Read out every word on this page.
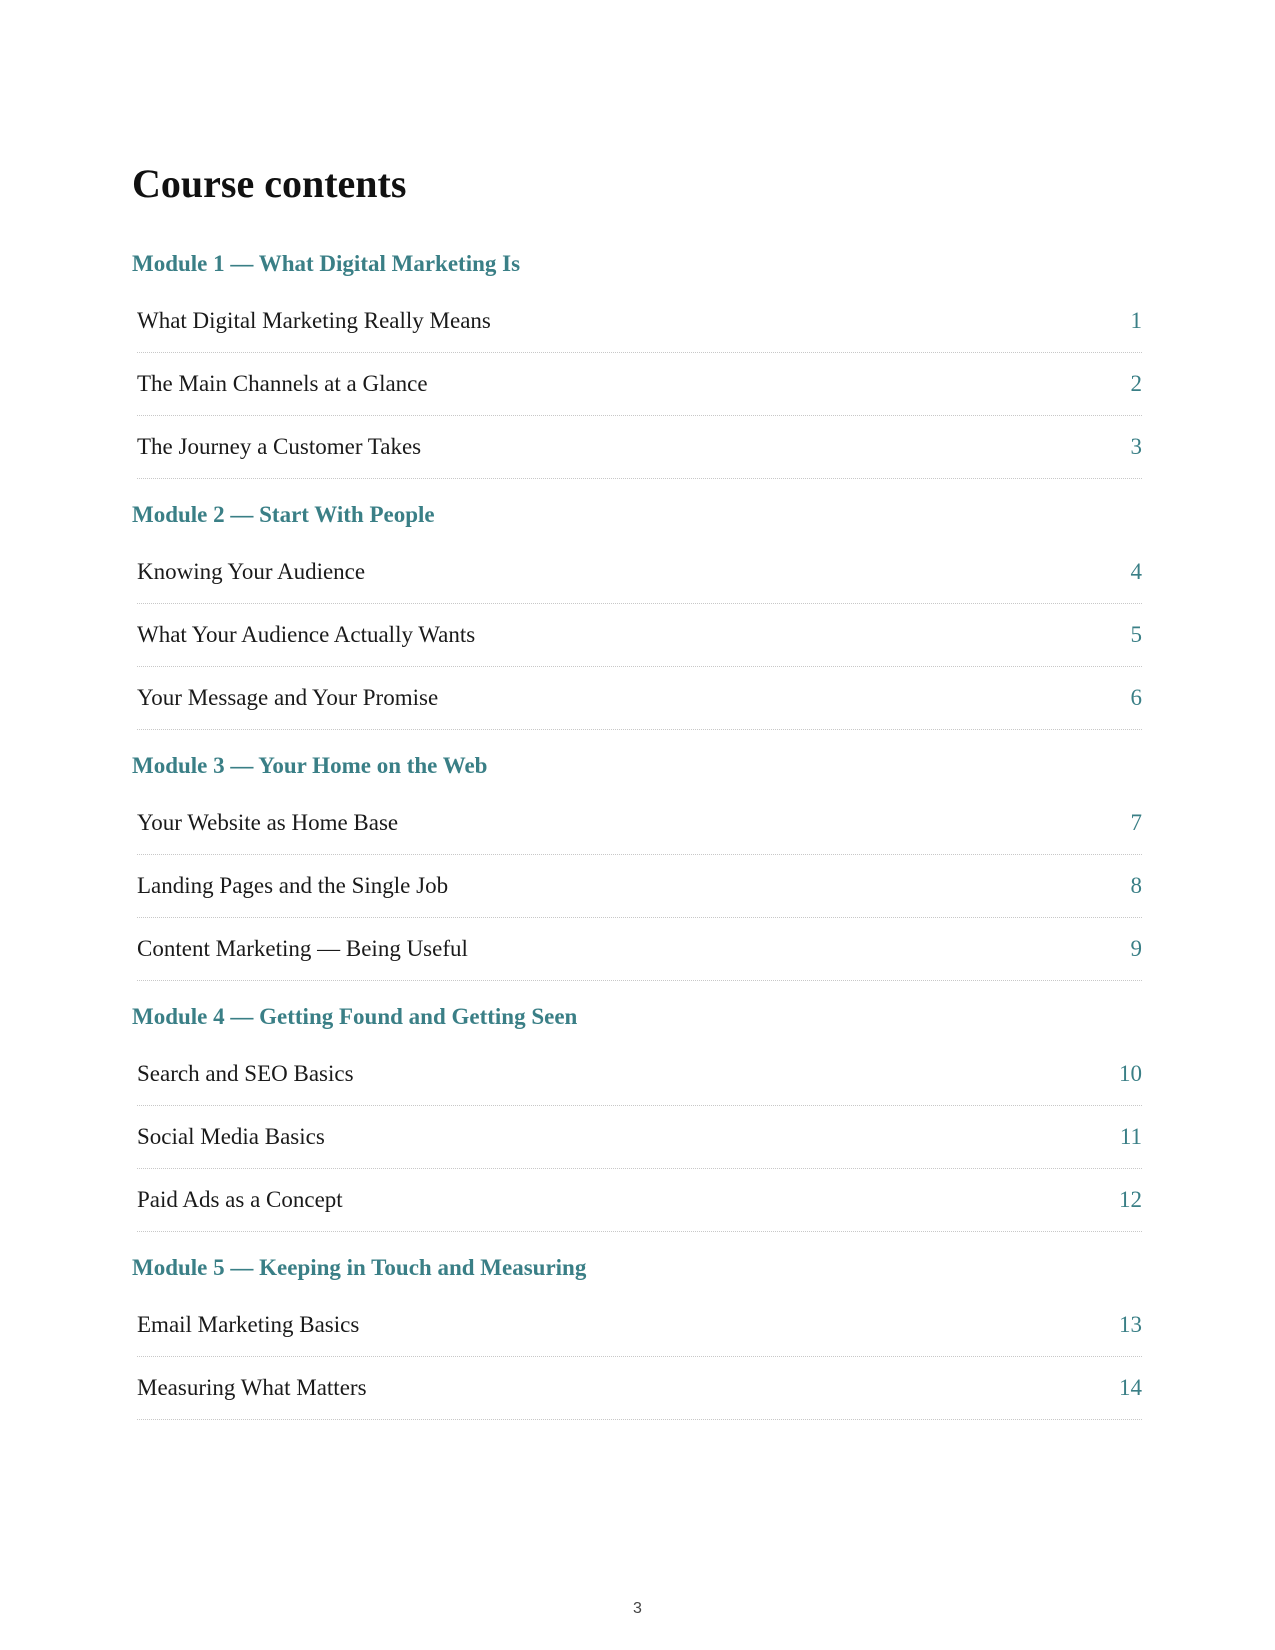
Course contents
Module 1 — What Digital Marketing Is
What Digital Marketing Really Means	1
The Main Channels at a Glance	2
The Journey a Customer Takes	3
Module 2 — Start With People
Knowing Your Audience	4
What Your Audience Actually Wants	5
Your Message and Your Promise	6
Module 3 — Your Home on the Web
Your Website as Home Base	7
Landing Pages and the Single Job	8
Content Marketing — Being Useful	9
Module 4 — Getting Found and Getting Seen
Search and SEO Basics	10
Social Media Basics	11
Paid Ads as a Concept	12
Module 5 — Keeping in Touch and Measuring
Email Marketing Basics	13
Measuring What Matters	14
3
